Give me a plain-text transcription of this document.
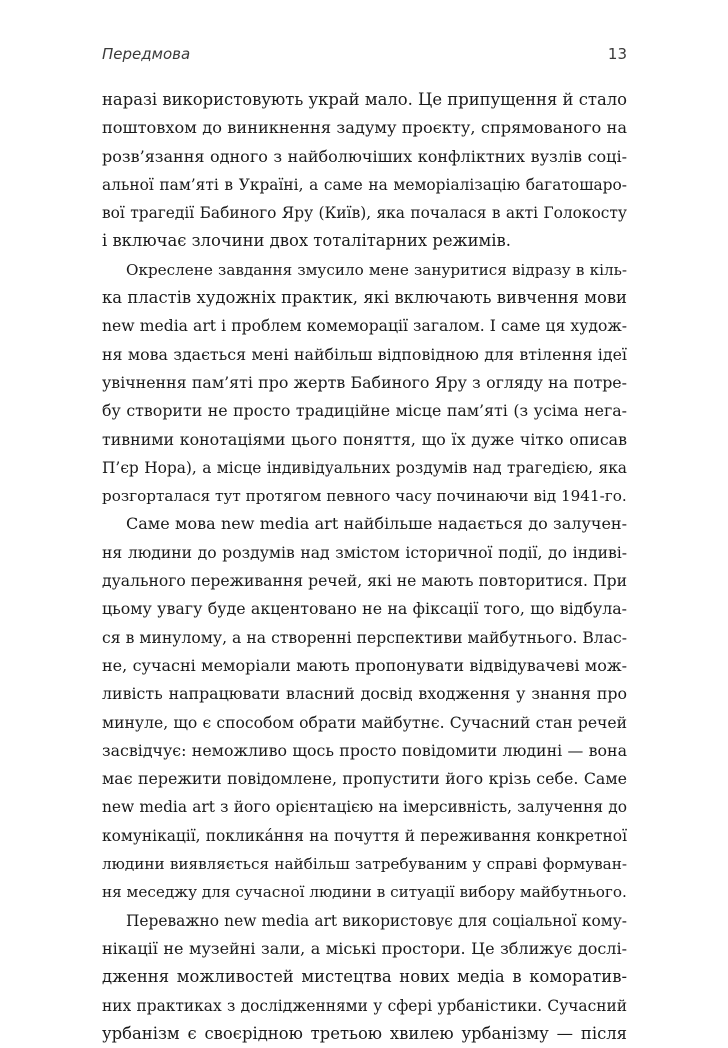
Передмова	13
наразі використовують украй мало. Це припущення й стало
поштовхом до виникнення задуму проєкту, спрямованого на
розв’язання одного з найболючіших конфліктних вузлів соці-
альної пам’яті в Україні, а саме на меморіалізацію багатошаро-
вої трагедії Бабиного Яру (Київ), яка почалася в акті Голокосту
і включає злочини двох тоталітарних режимів.
Окреслене завдання змусило мене зануритися відразу в кіль-
ка пластів художніх практик, які включають вивчення мови
new media art і проблем комеморації загалом. І саме ця худож-
ня мова здається мені найбільш відповідною для втілення ідеї
увічнення пам’яті про жертв Бабиного Яру з огляду на потре-
бу створити не просто традиційне місце пам’яті (з усіма нега-
тивними конотаціями цього поняття, що їх дуже чітко описав
П’єр Нора), а місце індивідуальних роздумів над трагедією, яка
розгорталася тут протягом певного часу починаючи від 1941-го.
Саме мова new media art найбільше надається до залучен-
ня людини до роздумів над змістом історичної події, до індиві-
дуального переживання речей, які не мають повторитися. При
цьому увагу буде акцентовано не на фіксації того, що відбула-
ся в минулому, а на створенні перспективи майбутнього. Влас-
не, сучасні меморіали мають пропонувати відвідувачеві мож-
ливість напрацювати власний досвід входження у знання про
минуле, що є способом обрати майбутнє. Сучасний стан речей
засвідчує: неможливо щось просто повідомити людині — вона
має пережити повідомлене, пропустити його крізь себе. Саме
new media art з його орієнтацією на імерсивність, залучення до
комунікації, покликáння на почуття й переживання конкретної
людини виявляється найбільш затребуваним у справі формуван-
ня меседжу для сучасної людини в ситуації вибору майбутнього.
Переважно new media art використовує для соціальної кому-
нікації не музейні зали, а міські простори. Це зближує дослі-
дження можливостей мистецтва нових медіа в коморатив-
них практиках з дослідженнями у сфері урбаністики. Сучасний
урбанізм є своєрідною третьою хвилею урбанізму — після
